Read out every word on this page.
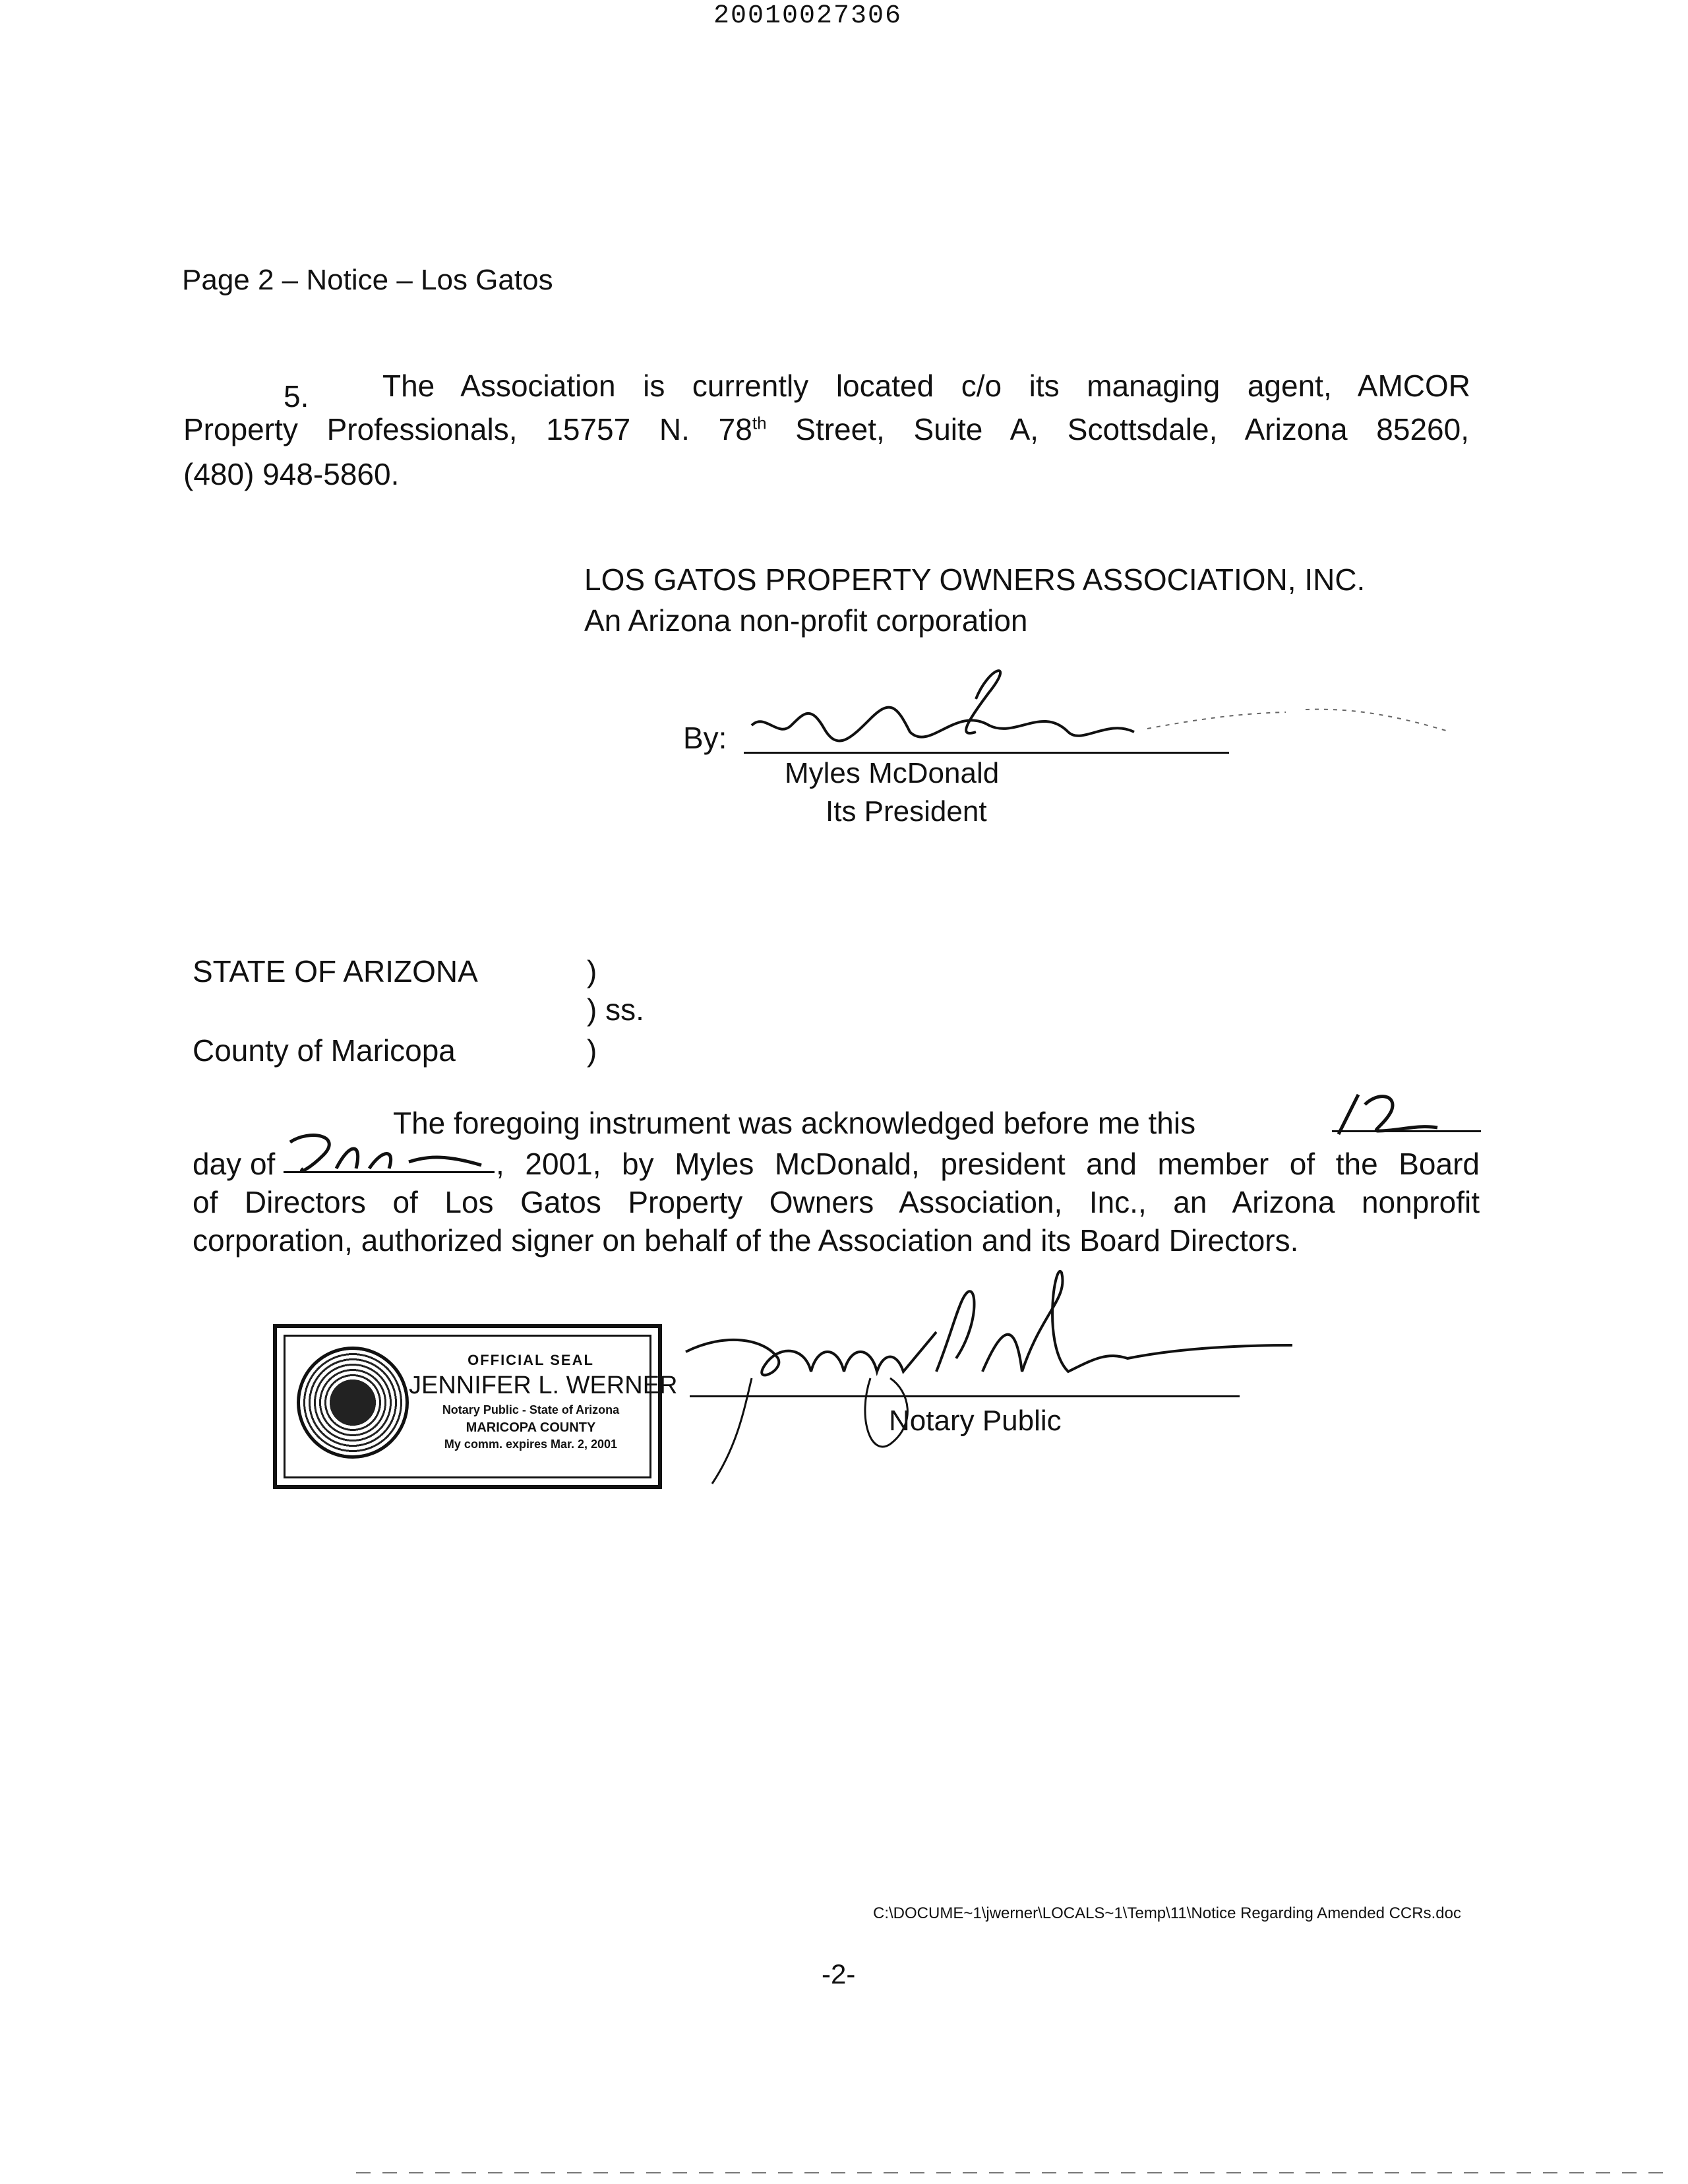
20010027306
Page 2 – Notice – Los Gatos
5. The Association is currently located c/o its managing agent, AMCOR
Property Professionals, 15757 N. 78th Street, Suite A, Scottsdale, Arizona 85260,
(480) 948-5860.
LOS GATOS PROPERTY OWNERS ASSOCIATION, INC.
An Arizona non-profit corporation
By:
Myles McDonald
Its President
STATE OF ARIZONA	)
) ss.
County of Maricopa	)
The foregoing instrument was acknowledged before me this
day of	, 2001, by Myles McDonald, president and member of the Board
of Directors of Los Gatos Property Owners Association, Inc., an Arizona nonprofit
corporation, authorized signer on behalf of the Association and its Board Directors.
OFFICIAL SEAL
JENNIFER L. WERNER
Notary Public - State of Arizona
MARICOPA COUNTY
My comm. expires Mar. 2, 2001
Notary Public
C:\DOCUME~1\jwerner\LOCALS~1\Temp\11\Notice Regarding Amended CCRs.doc
-2-
